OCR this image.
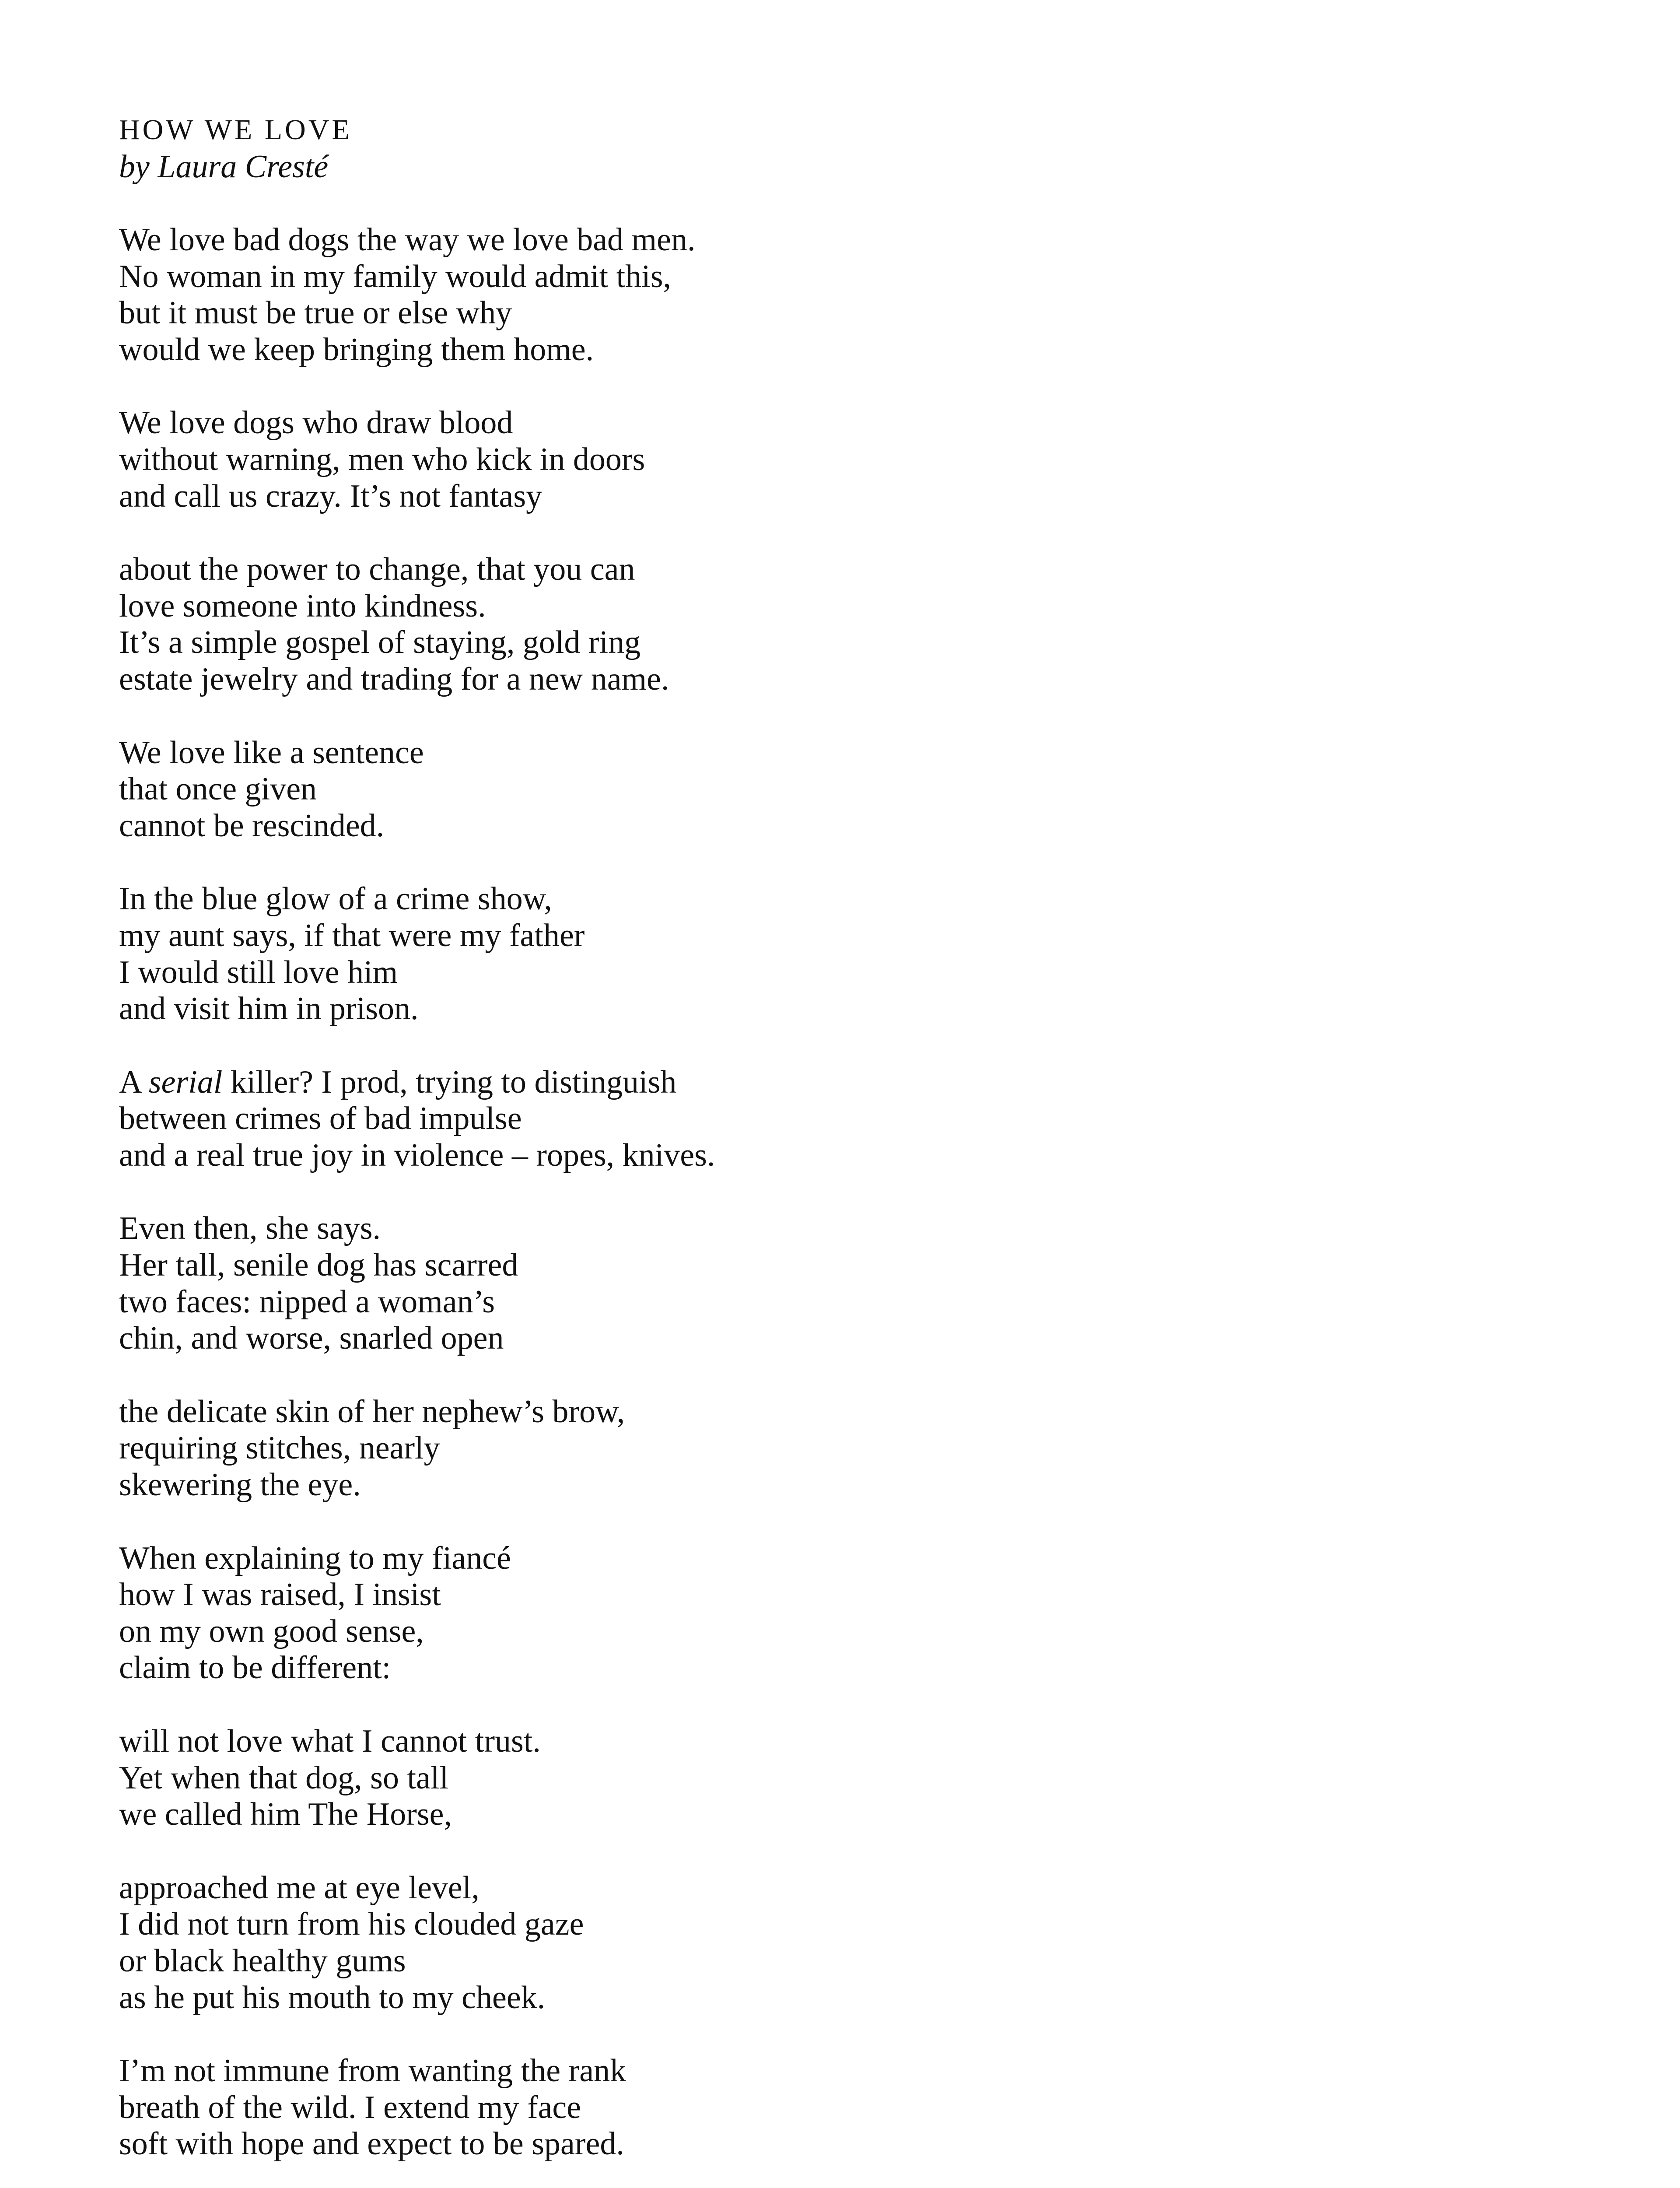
HOW WE LOVE
by Laura Cresté
We love bad dogs the way we love bad men.
No woman in my family would admit this,
but it must be true or else why
would we keep bringing them home.
We love dogs who draw blood
without warning, men who kick in doors
and call us crazy. It’s not fantasy
about the power to change, that you can
love someone into kindness.
It’s a simple gospel of staying, gold ring
estate jewelry and trading for a new name.
We love like a sentence
that once given
cannot be rescinded.
In the blue glow of a crime show,
my aunt says, if that were my father
I would still love him
and visit him in prison.
A serial killer? I prod, trying to distinguish
between crimes of bad impulse
and a real true joy in violence – ropes, knives.
Even then, she says.
Her tall, senile dog has scarred
two faces: nipped a woman’s
chin, and worse, snarled open
the delicate skin of her nephew’s brow,
requiring stitches, nearly
skewering the eye.
When explaining to my fiancé
how I was raised, I insist
on my own good sense,
claim to be different:
will not love what I cannot trust.
Yet when that dog, so tall
we called him The Horse,
approached me at eye level,
I did not turn from his clouded gaze
or black healthy gums
as he put his mouth to my cheek.
I’m not immune from wanting the rank
breath of the wild. I extend my face
soft with hope and expect to be spared.
